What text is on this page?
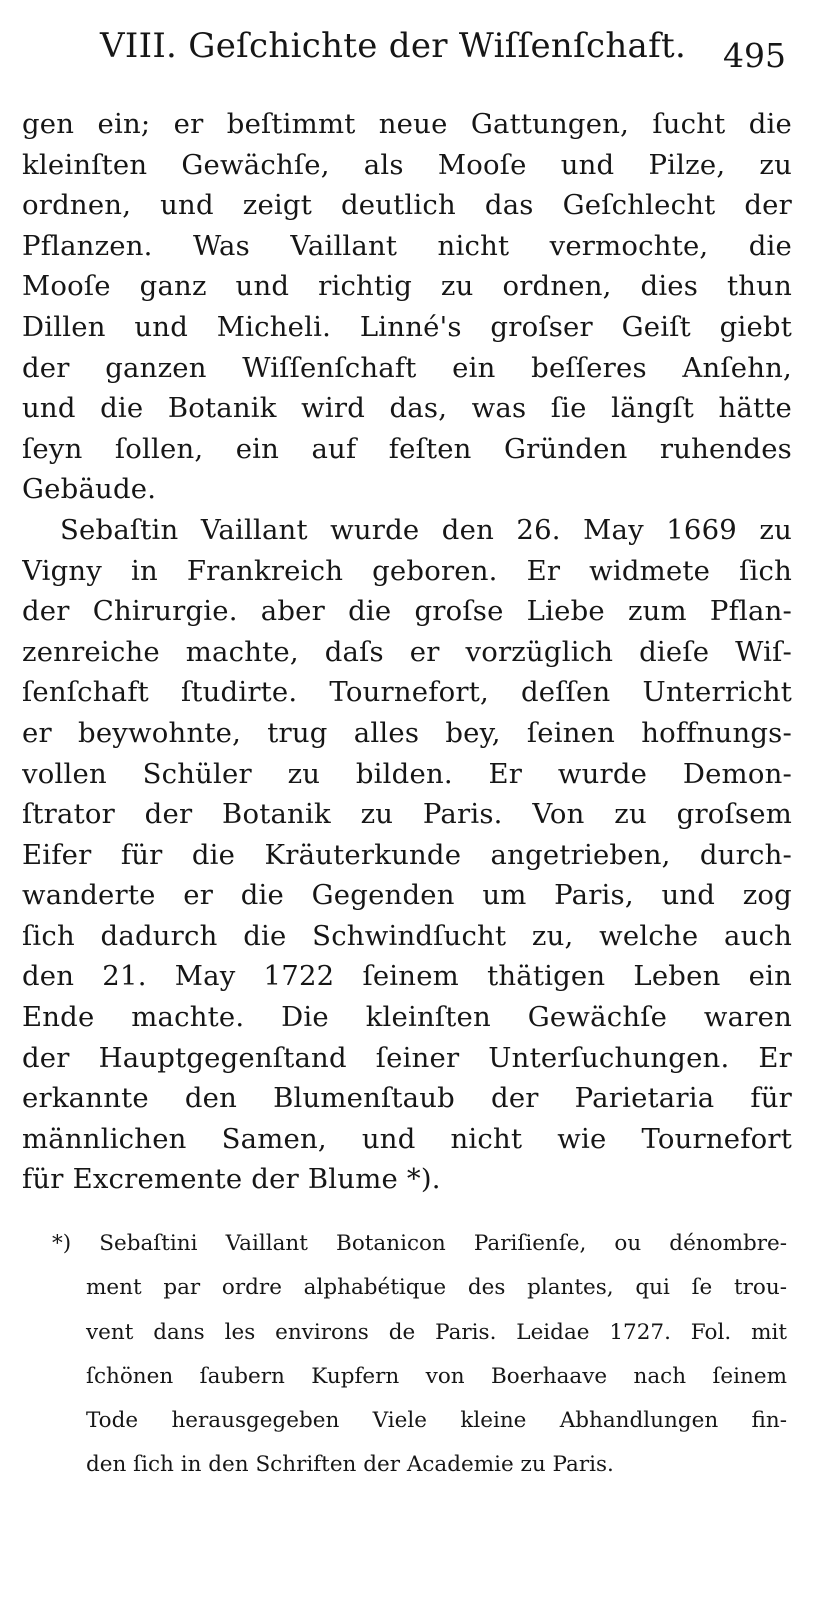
VIII. Geſchichte der Wiſſenſchaft. 495
gen ein; er beſtimmt neue Gattungen, ſucht die
kleinſten Gewächſe, als Mooſe und Pilze, zu
ordnen, und zeigt deutlich das Geſchlecht der
Pflanzen. Was Vaillant nicht vermochte, die
Mooſe ganz und richtig zu ordnen, dies thun
Dillen und Micheli. Linné's groſser Geiſt giebt
der ganzen Wiſſenſchaft ein beſſeres Anſehn,
und die Botanik wird das, was ſie längſt hätte
ſeyn ſollen, ein auf feſten Gründen ruhendes
Gebäude.
Sebaſtin Vaillant wurde den 26. May 1669 zu
Vigny in Frankreich geboren. Er widmete ſich
der Chirurgie. aber die groſse Liebe zum Pflan-
zenreiche machte, daſs er vorzüglich dieſe Wiſ-
ſenſchaft ſtudirte. Tournefort, deſſen Unterricht
er beywohnte, trug alles bey, ſeinen hoffnungs-
vollen Schüler zu bilden. Er wurde Demon-
ſtrator der Botanik zu Paris. Von zu groſsem
Eifer für die Kräuterkunde angetrieben, durch-
wanderte er die Gegenden um Paris, und zog
ſich dadurch die Schwindſucht zu, welche auch
den 21. May 1722 ſeinem thätigen Leben ein
Ende machte. Die kleinſten Gewächſe waren
der Hauptgegenſtand ſeiner Unterſuchungen. Er
erkannte den Blumenſtaub der Parietaria für
männlichen Samen, und nicht wie Tournefort
für Excremente der Blume *).
*) Sebaſtini Vaillant Botanicon Pariſienſe, ou dénombre-
ment par ordre alphabétique des plantes, qui ſe trou-
vent dans les environs de Paris. Leidae 1727. Fol. mit
ſchönen ſaubern Kupfern von Boerhaave nach ſeinem
Tode herausgegeben Viele kleine Abhandlungen fin-
den ſich in den Schriften der Academie zu Paris.
